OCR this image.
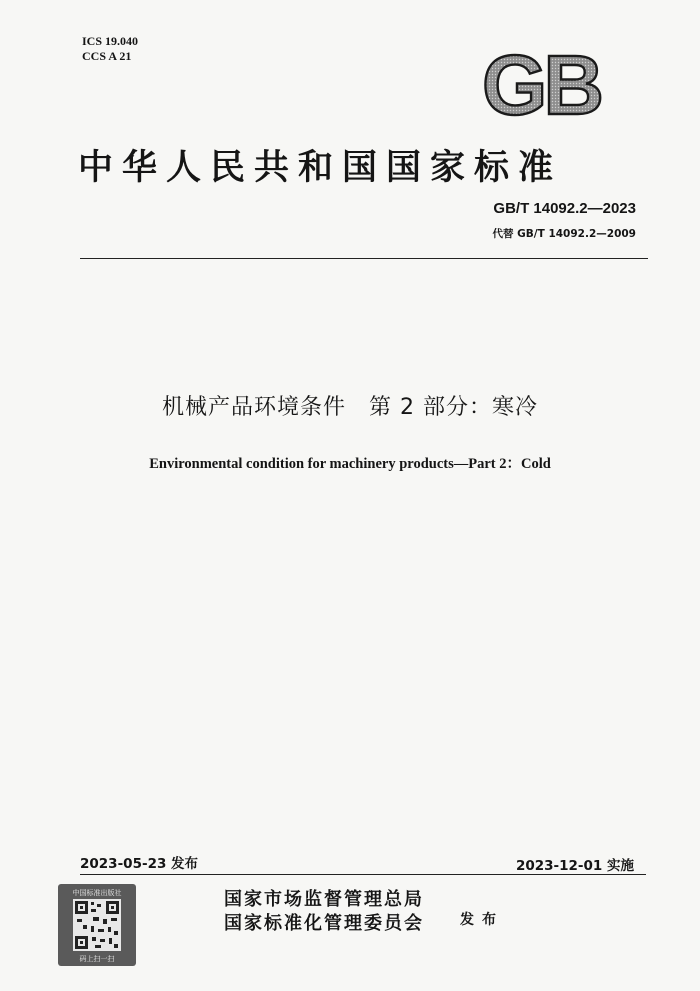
ICS 19.040
CCS A 21	GB
中华人民共和国国家标准
GB/T 14092.2—2023
代替 GB/T 14092.2—2009
机械产品环境条件　第 2 部分：寒冷
Environmental condition for machinery products—Part 2：Cold
2023-05-23 发布	2023-12-01 实施
中国标准出版社
码上扫一扫
国家市场监督管理总局
国家标准化管理委员会	发布
